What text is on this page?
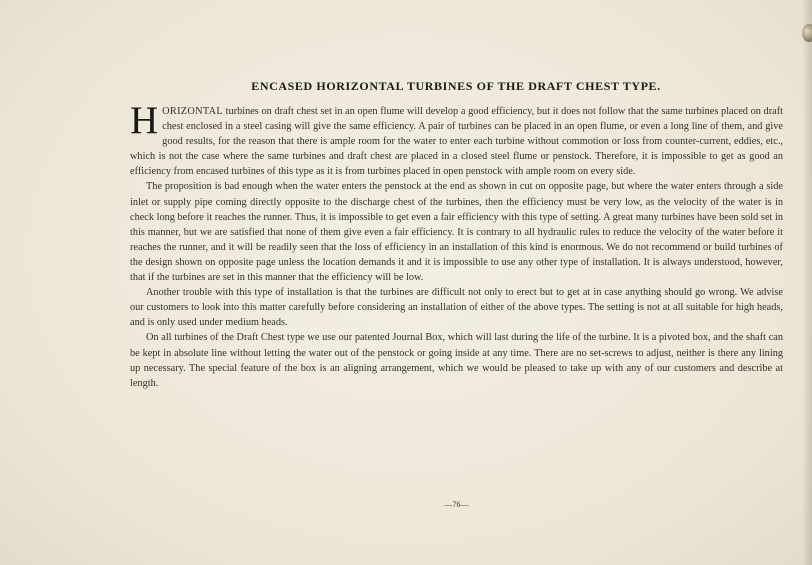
ENCASED HORIZONTAL TURBINES OF THE DRAFT CHEST TYPE.

HORIZONTAL turbines on draft chest set in an open flume will develop a good efficiency, but it does not follow that the same turbines placed on draft chest enclosed in a steel casing will give the same efficiency. A pair of turbines can be placed in an open flume, or even a long line of them, and give good results, for the reason that there is ample room for the water to enter each turbine without commotion or loss from counter-current, eddies, etc., which is not the case where the same turbines and draft chest are placed in a closed steel flume or penstock. Therefore, it is impossible to get as good an efficiency from encased turbines of this type as it is from turbines placed in open penstock with ample room on every side.

The proposition is bad enough when the water enters the penstock at the end as shown in cut on opposite page, but where the water enters through a side inlet or supply pipe coming directly opposite to the discharge chest of the turbines, then the efficiency must be very low, as the velocity of the water is in check long before it reaches the runner. Thus, it is impossible to get even a fair efficiency with this type of setting. A great many turbines have been sold set in this manner, but we are satisfied that none of them give even a fair efficiency. It is contrary to all hydraulic rules to reduce the velocity of the water before it reaches the runner, and it will be readily seen that the loss of efficiency in an installation of this kind is enormous. We do not recommend or build turbines of the design shown on opposite page unless the location demands it and it is impossible to use any other type of installation. It is always understood, however, that if the turbines are set in this manner that the efficiency will be low.

Another trouble with this type of installation is that the turbines are difficult not only to erect but to get at in case anything should go wrong. We advise our customers to look into this matter carefully before considering an installation of either of the above types. The setting is not at all suitable for high heads, and is only used under medium heads.

On all turbines of the Draft Chest type we use our patented Journal Box, which will last during the life of the turbine. It is a pivoted box, and the shaft can be kept in absolute line without letting the water out of the penstock or going inside at any time. There are no set-screws to adjust, neither is there any lining up necessary. The special feature of the box is an aligning arrangement, which we would be pleased to take up with any of our customers and describe at length.

—76—
